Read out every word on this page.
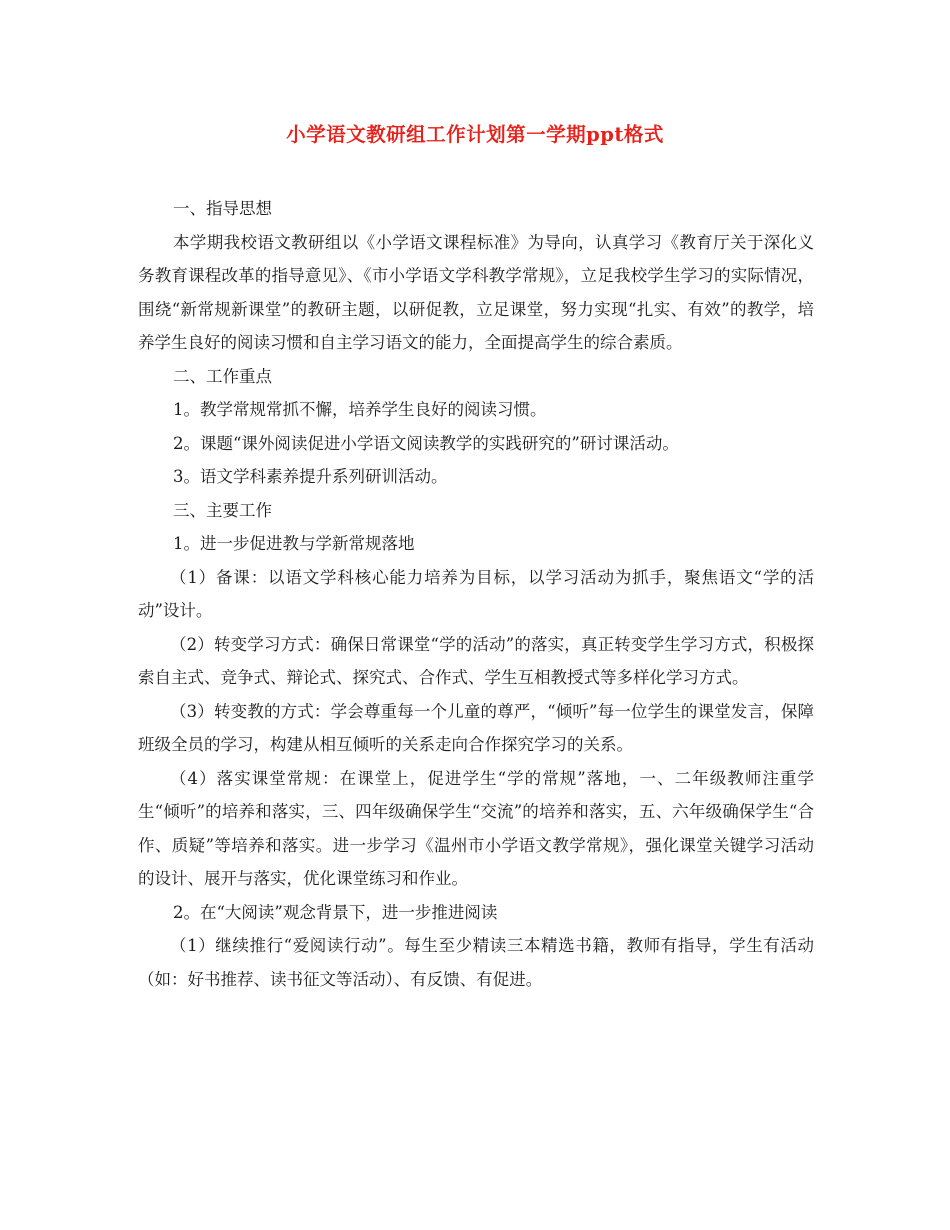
小学语文教研组工作计划第一学期ppt格式

一、指导思想

本学期我校语文教研组以《小学语文课程标准》为导向，认真学习《教育厅关于深化义务教育课程改革的指导意见》、《市小学语文学科教学常规》，立足我校学生学习的实际情况，围绕“新常规新课堂”的教研主题，以研促教，立足课堂，努力实现“扎实、有效”的教学，培养学生良好的阅读习惯和自主学习语文的能力，全面提高学生的综合素质。

二、工作重点

1。教学常规常抓不懈，培养学生良好的阅读习惯。

2。课题“课外阅读促进小学语文阅读教学的实践研究的”研讨课活动。

3。语文学科素养提升系列研训活动。

三、主要工作

1。进一步促进教与学新常规落地

（1）备课：以语文学科核心能力培养为目标，以学习活动为抓手，聚焦语文“学的活动”设计。

（2）转变学习方式：确保日常课堂“学的活动”的落实，真正转变学生学习方式，积极探索自主式、竞争式、辩论式、探究式、合作式、学生互相教授式等多样化学习方式。

（3）转变教的方式：学会尊重每一个儿童的尊严，“倾听”每一位学生的课堂发言，保障班级全员的学习，构建从相互倾听的关系走向合作探究学习的关系。

（4）落实课堂常规：在课堂上，促进学生“学的常规”落地，一、二年级教师注重学生“倾听”的培养和落实，三、四年级确保学生“交流”的培养和落实，五、六年级确保学生“合作、质疑”等培养和落实。进一步学习《温州市小学语文教学常规》，强化课堂关键学习活动的设计、展开与落实，优化课堂练习和作业。

2。在“大阅读”观念背景下，进一步推进阅读

（1）继续推行“爱阅读行动”。每生至少精读三本精选书籍，教师有指导，学生有活动（如：好书推荐、读书征文等活动）、有反馈、有促进。
